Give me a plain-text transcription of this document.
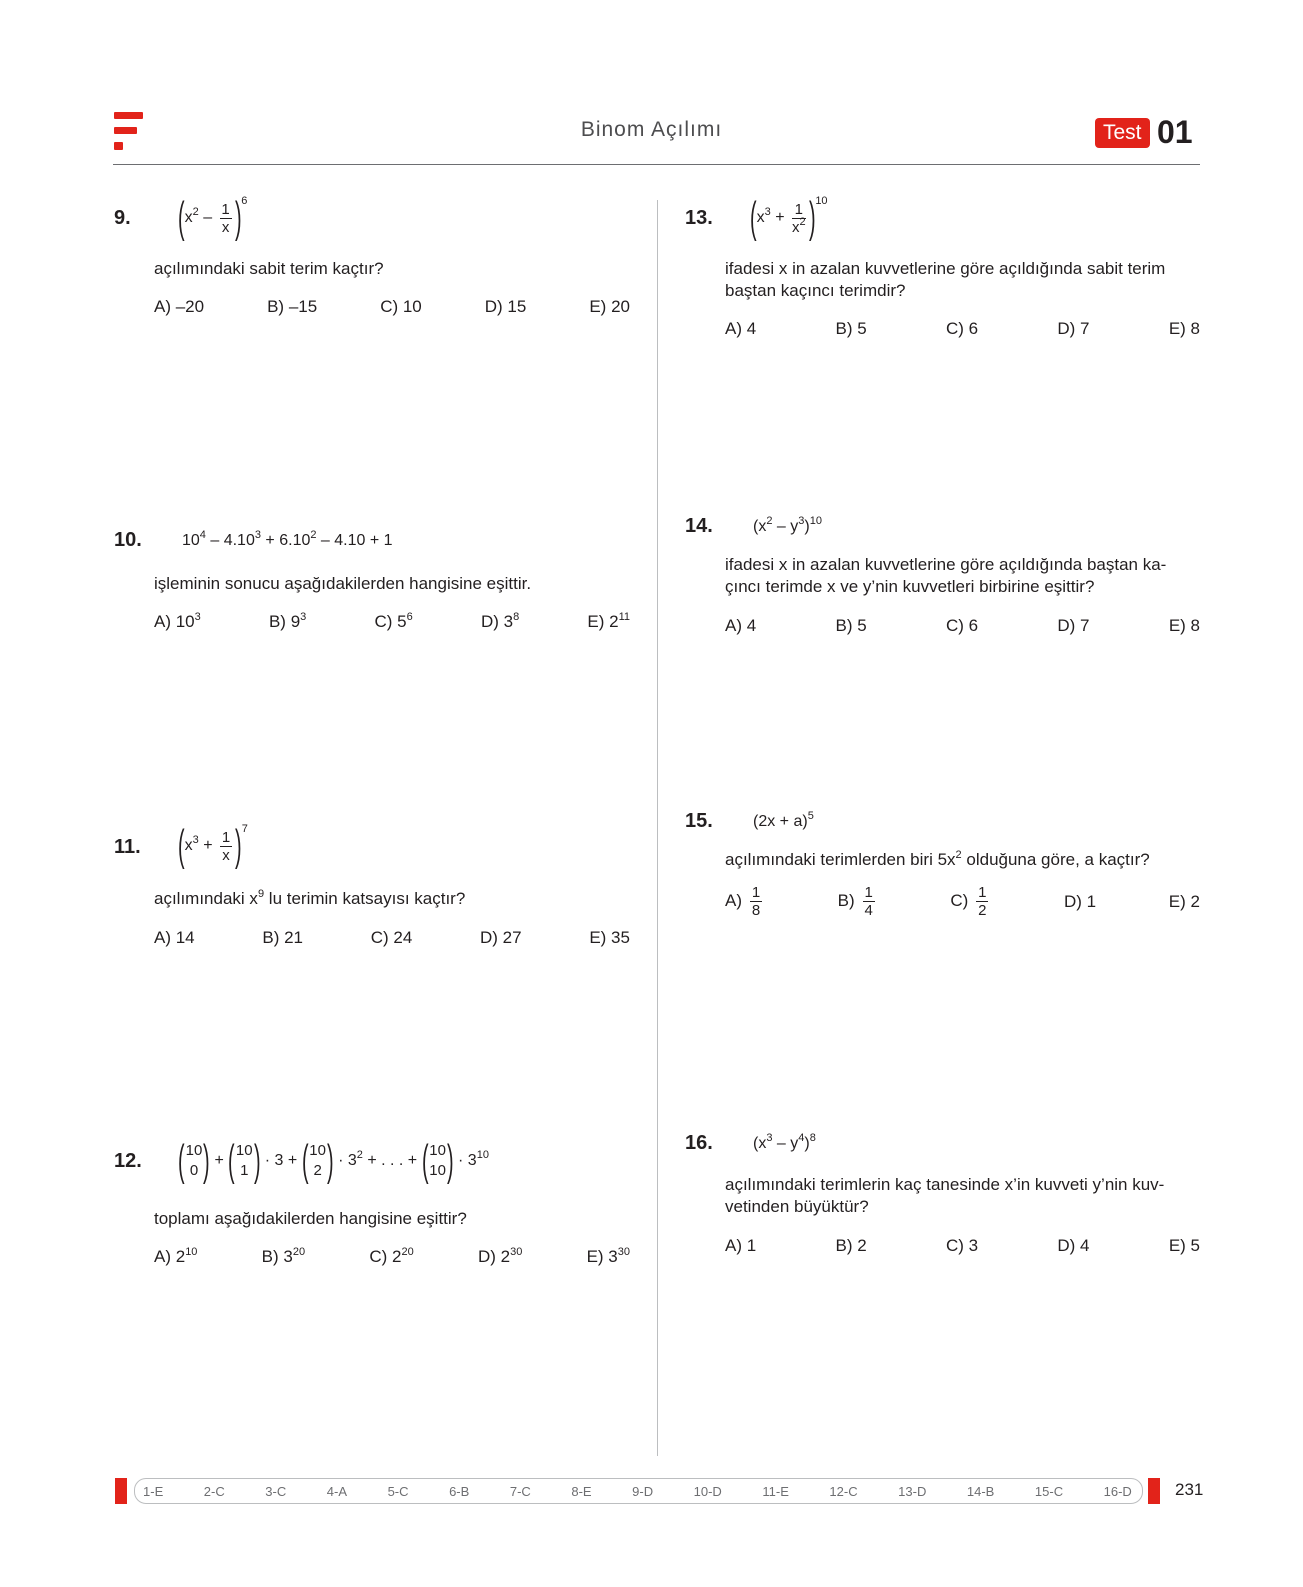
Binom Açılımı	Test 01
9. $(x^2 - \frac{1}{x} )^6$
açılımındaki sabit terim kaçtır?
A) –20	B) –15	C) 10	D) 15	E) 20
10.	$10^4 - 4.10^3 + 6.10^2 - 4.10 + 1$
işleminin sonucu aşağıdakilerden hangisine eşittir.
A) $10^3$	B) $9^3$	C) $5^6$	D) $3^8$	E) $2^{11}$
11. $(x^3 + \frac{1}{x} )^7$
açılımındaki $x^9$ lu terimin katsayısı kaçtır?
A) 14	B) 21	C) 24	D) 27	E) 35
12. ( 10
0 ) + ( 10
1 ) · 3 + ( 10
2 ) · $3^2$ + . . . + ( 10
10 ) · $3^{10}$
toplamı aşağıdakilerden hangisine eşittir?
A) $2^{10}$	B) $3^{20}$	C) $2^{20}$	D) $2^{30}$	E) $3^{30}$
13. $(x^3 + \frac{1}{x^2} )^{10}$
ifadesi x in azalan kuvvetlerine göre açıldığında sabit terim baştan kaçıncı terimdir?
A) 4	B) 5	C) 6	D) 7	E) 8
14.	$(x^2 - y^3)^{10}$
ifadesi x in azalan kuvvetlerine göre açıldığında baştan ka-çıncı terimde x ve y’nin kuvvetleri birbirine eşittir?
A) 4	B) 5	C) 6	D) 7	E) 8
15.	$(2x + a)^5$
açılımındaki terimlerden biri $5x^2$ olduğuna göre, a kaçtır?
$A) \frac{1}{8}$	$B) \frac{1}{4}$	$C) \frac{1}{2}$	D) 1	E) 2
16.	$(x^3 - y^4)^8$
açılımındaki terimlerin kaç tanesinde x’in kuvveti y’nin kuv-vetinden büyüktür?
A) 1	B) 2	C) 3	D) 4	E) 5
1-E	2-C	3-C	4-A	5-C	6-B	7-C	8-E	9-D	10-D	11-E	12-C	13-D	14-B	15-C	16-D	231
